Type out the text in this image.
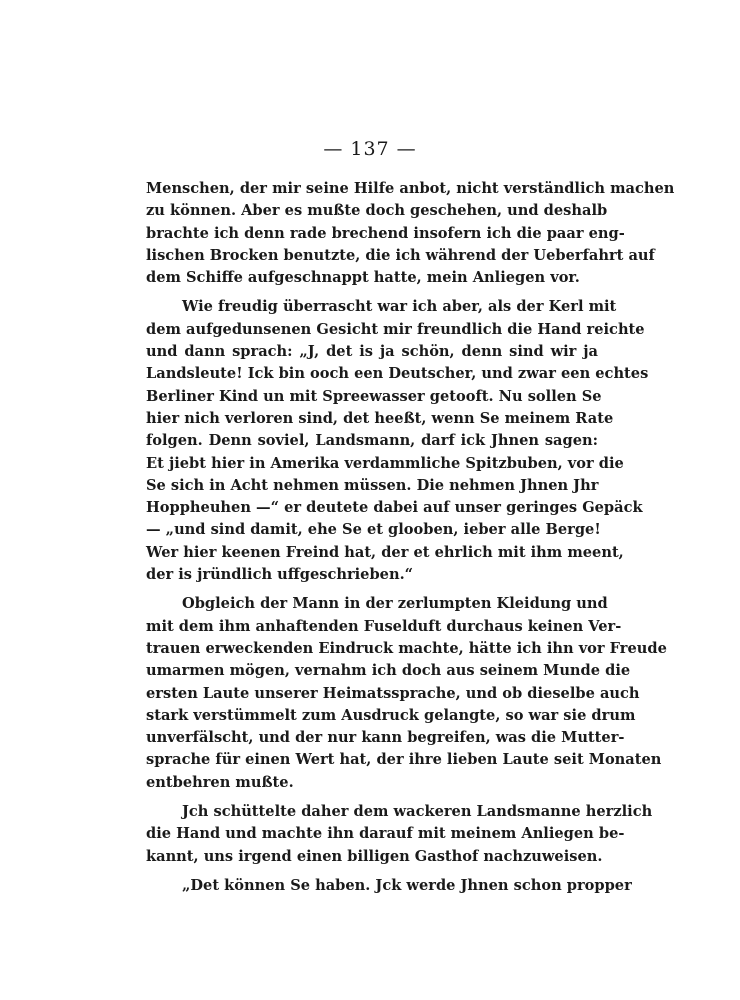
— 137 —
Menschen, der mir seine Hilfe anbot, nicht verständlich machen
zu können. Aber es mußte doch geschehen, und deshalb
brachte ich denn rade brechend insofern ich die paar eng-
lischen Brocken benutzte, die ich während der Ueberfahrt auf
dem Schiffe aufgeschnappt hatte, mein Anliegen vor.
Wie freudig überrascht war ich aber, als der Kerl mit
dem aufgedunsenen Gesicht mir freundlich die Hand reichte
und dann sprach: „J, det is ja schön, denn sind wir ja
Landsleute! Ick bin ooch een Deutscher, und zwar een echtes
Berliner Kind un mit Spreewasser getooft. Nu sollen Se
hier nich verloren sind, det heeßt, wenn Se meinem Rate
folgen. Denn soviel, Landsmann, darf ick Jhnen sagen:
Et jiebt hier in Amerika verdammliche Spitzbuben, vor die
Se sich in Acht nehmen müssen. Die nehmen Jhnen Jhr
Hoppheuhen —“ er deutete dabei auf unser geringes Gepäck
— „und sind damit, ehe Se et glooben, ieber alle Berge!
Wer hier keenen Freind hat, der et ehrlich mit ihm meent,
der is jründlich uffgeschrieben.“
Obgleich der Mann in der zerlumpten Kleidung und
mit dem ihm anhaftenden Fuselduft durchaus keinen Ver-
trauen erweckenden Eindruck machte, hätte ich ihn vor Freude
umarmen mögen, vernahm ich doch aus seinem Munde die
ersten Laute unserer Heimatssprache, und ob dieselbe auch
stark verstümmelt zum Ausdruck gelangte, so war sie drum
unverfälscht, und der nur kann begreifen, was die Mutter-
sprache für einen Wert hat, der ihre lieben Laute seit Monaten
entbehren mußte.
Jch schüttelte daher dem wackeren Landsmanne herzlich
die Hand und machte ihn darauf mit meinem Anliegen be-
kannt, uns irgend einen billigen Gasthof nachzuweisen.
„Det können Se haben. Jck werde Jhnen schon propper
